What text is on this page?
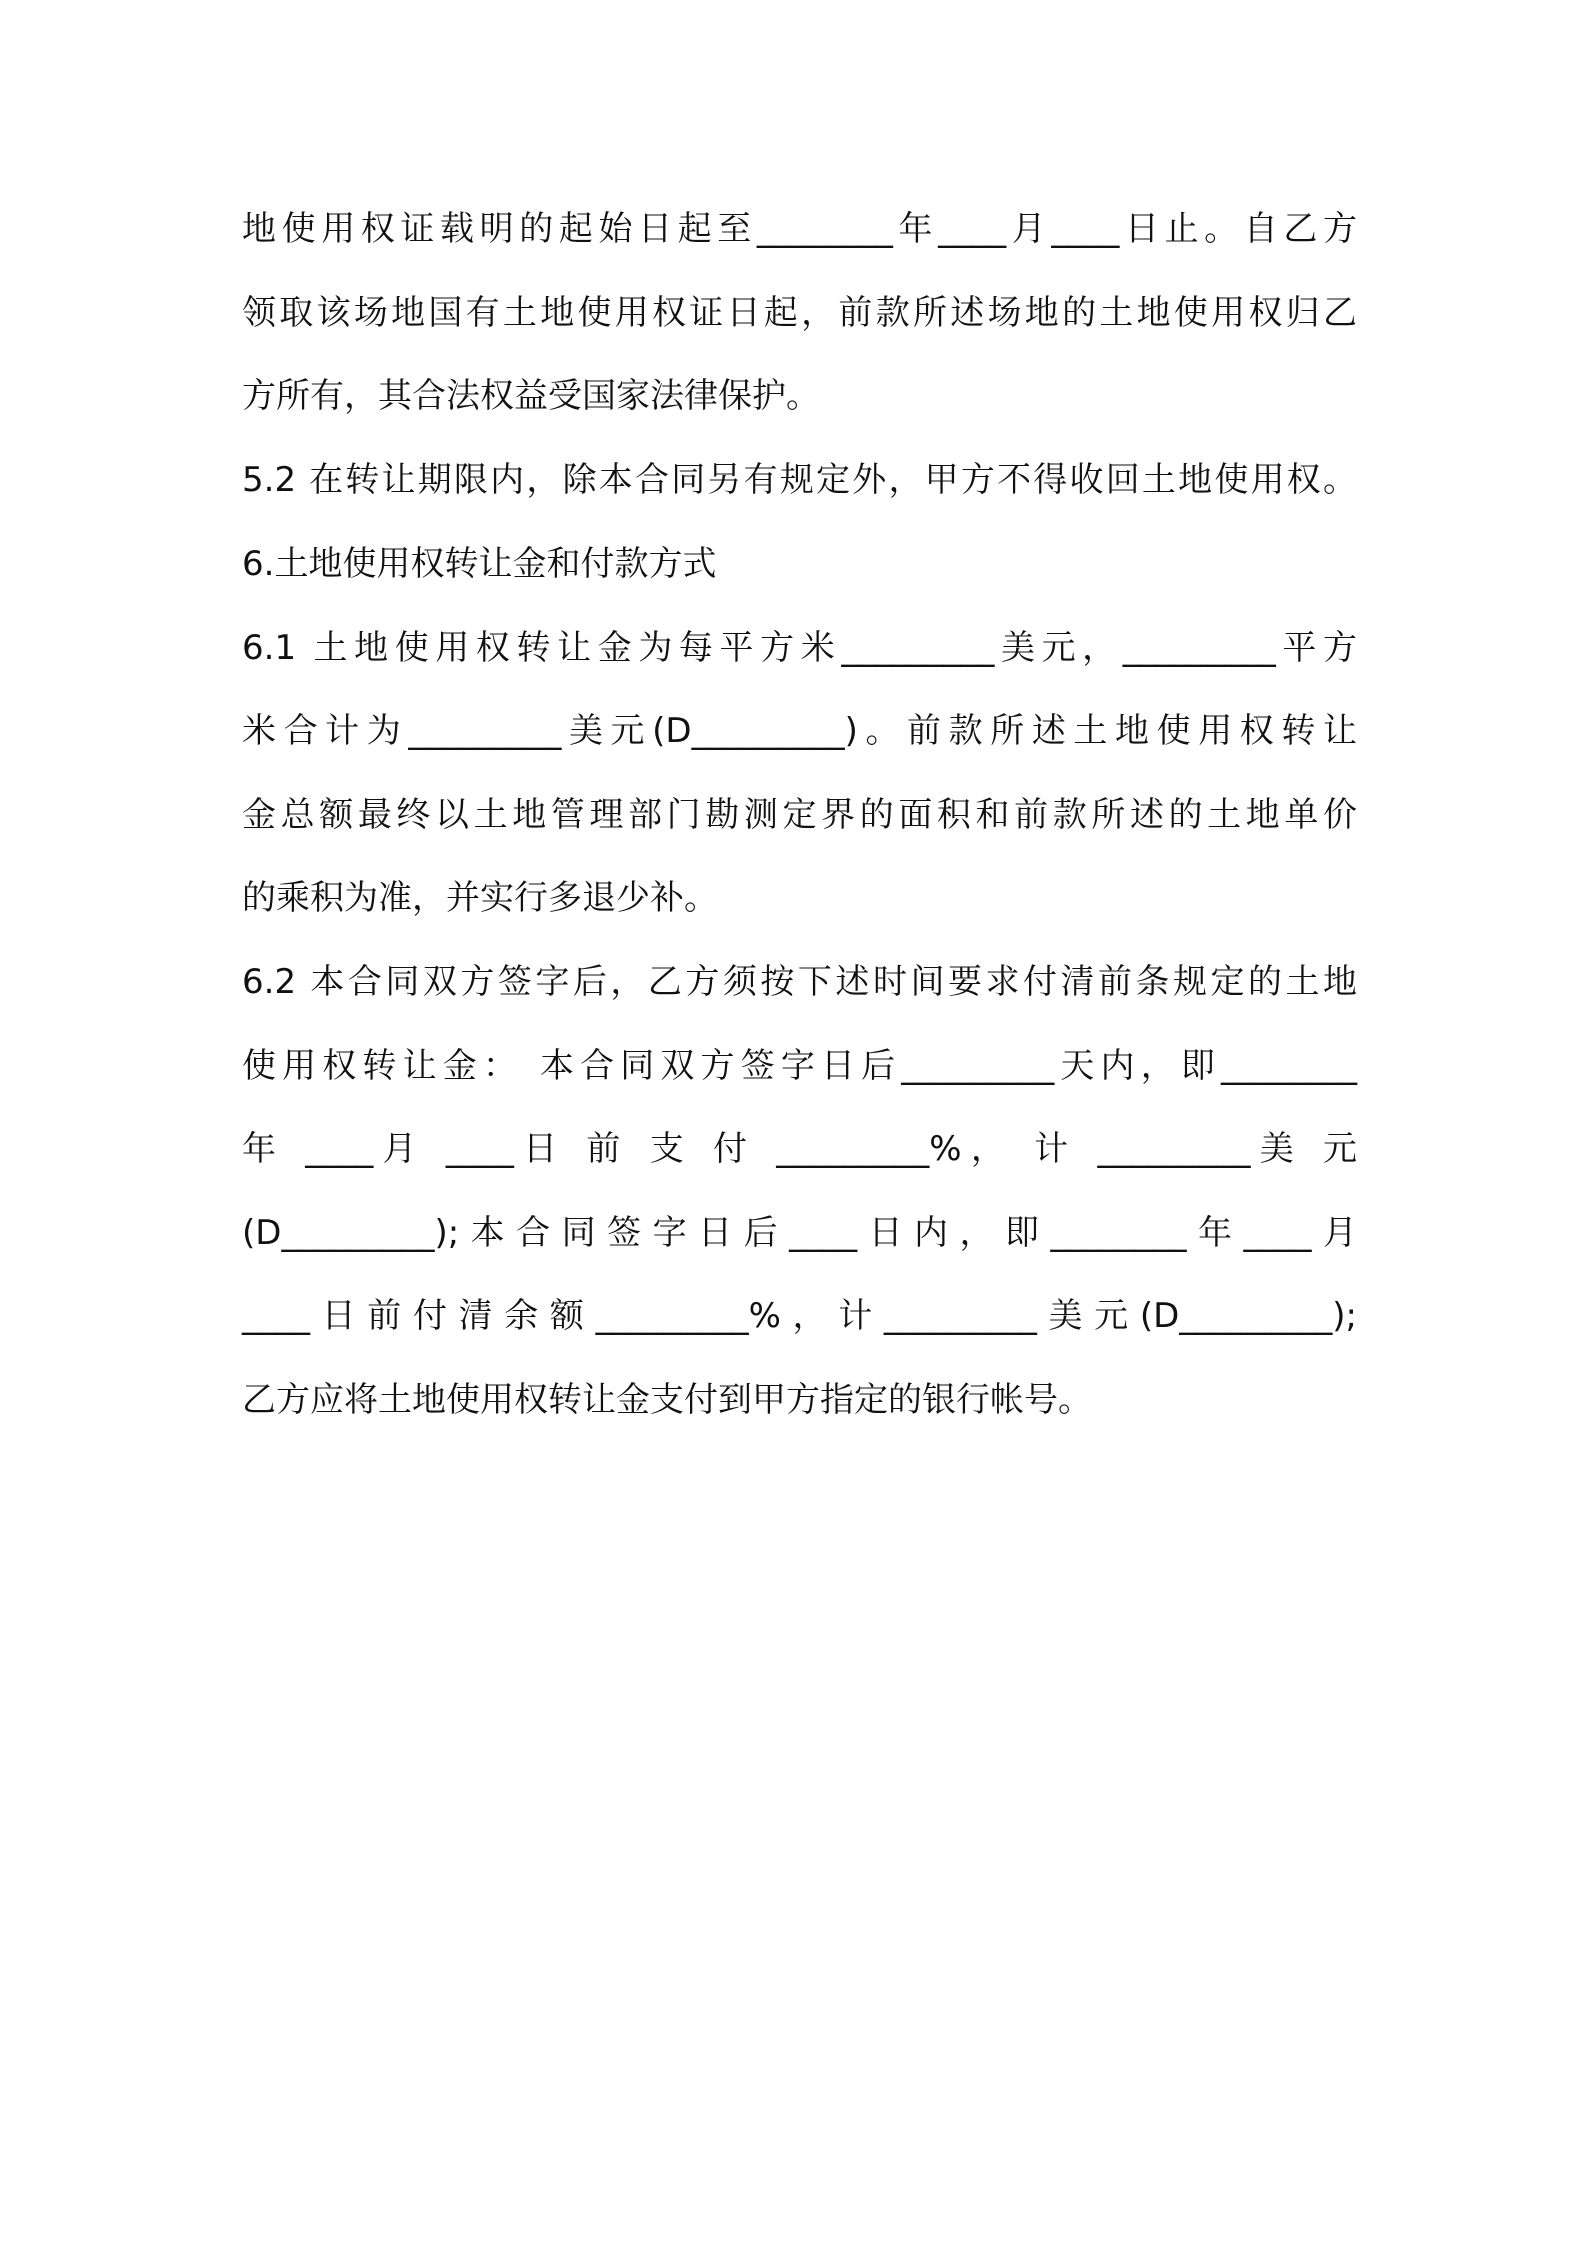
地使用权证载明的起始日起至________年____月____日止。自乙方
领取该场地国有土地使用权证日起，前款所述场地的土地使用权归乙
方所有，其合法权益受国家法律保护。
5.2 在转让期限内，除本合同另有规定外，甲方不得收回土地使用权。
6.土地使用权转让金和付款方式
6.1 土地使用权转让金为每平方米_________美元，_________平方
米合计为_________美元(D_________)。前款所述土地使用权转让
金总额最终以土地管理部门勘测定界的面积和前款所述的土地单价
的乘积为准，并实行多退少补。
6.2 本合同双方签字后，乙方须按下述时间要求付清前条规定的土地
使用权转让金： 本合同双方签字日后_________天内，即________
年 ____月 ____日 前 支 付 _________%， 计 _________美 元
(D_________);本合同签字日后____日内，即________年____月
____日前付清余额_________%，计_________美元(D_________);
乙方应将土地使用权转让金支付到甲方指定的银行帐号。
